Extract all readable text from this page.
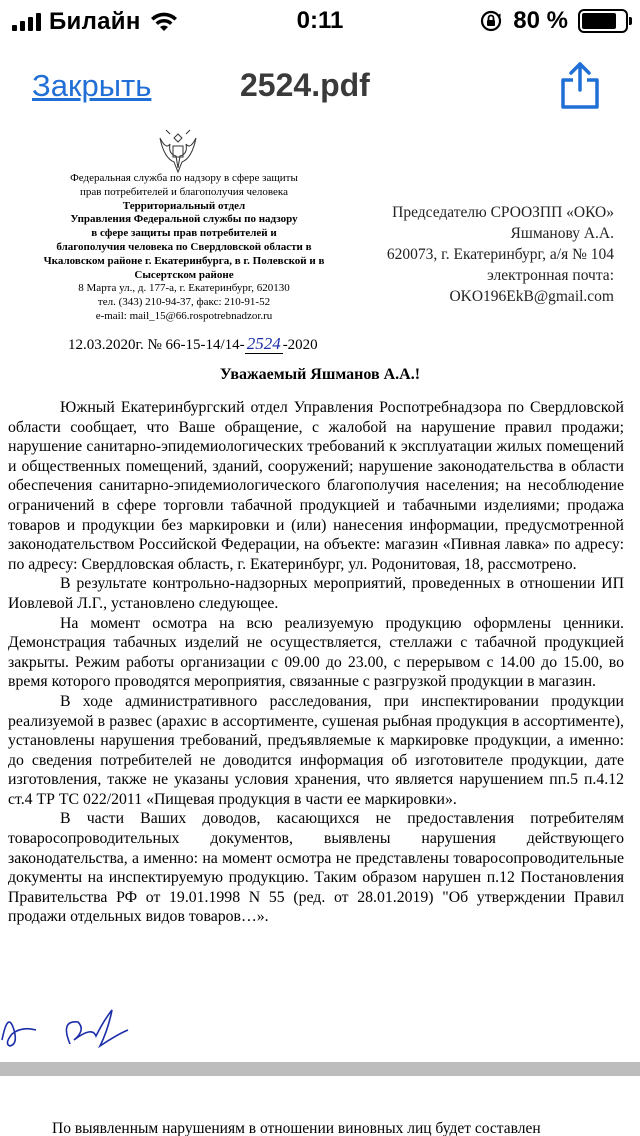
Билайн	0:11	80 %
Закрыть	2524.pdf
Федеральная служба по надзору в сфере защиты
прав потребителей и благополучия человека
Территориальный отдел
Управления Федеральной службы по надзору
в сфере защиты прав потребителей и
благополучия человека по Свердловской области в
Чкаловском районе г. Екатеринбурга, в г. Полевской и в
Сысертском районе
8 Марта ул., д. 177-а, г. Екатеринбург, 620130
тел. (343) 210-94-37, факс: 210-91-52
e-mail: mail_15@66.rospotrebnadzor.ru
Председателю СРООЗПП «ОКО»
Яшманову А.А.
620073, г. Екатеринбург, а/я № 104
электронная почта:
OKO196EkB@gmail.com
12.03.2020г. № 66-15-14/14- 2524 -2020
Уважаемый Яшманов А.А.!

Южный Екатеринбургский отдел Управления Роспотребнадзора по Свердловской области сообщает, что Ваше обращение, с жалобой на нарушение правил продажи; нарушение санитарно-эпидемиологических требований к эксплуатации жилых помещений и общественных помещений, зданий, сооружений; нарушение законодательства в области обеспечения санитарно-эпидемиологического благополучия населения; на несоблюдение ограничений в сфере торговли табачной продукцией и табачными изделиями; продажа товаров и продукции без маркировки и (или) нанесения информации, предусмотренной законодательством Российской Федерации, на объекте: магазин «Пивная лавка» по адресу: по адресу: Свердловская область, г. Екатеринбург, ул. Родонитовая, 18, рассмотрено.

В результате контрольно-надзорных мероприятий, проведенных в отношении ИП Иовлевой Л.Г., установлено следующее.

На момент осмотра на всю реализуемую продукцию оформлены ценники. Демонстрация табачных изделий не осуществляется, стеллажи с табачной продукцией закрыты. Режим работы организации с 09.00 до 23.00, с перерывом с 14.00 до 15.00, во время которого проводятся мероприятия, связанные с разгрузкой продукции в магазин.

В ходе административного расследования, при инспектировании продукции реализуемой в развес (арахис в ассортименте, сушеная рыбная продукция в ассортименте), установлены нарушения требований, предъявляемые к маркировке продукции, а именно: до сведения потребителей не доводится информация об изготовителе продукции, дате изготовления, также не указаны условия хранения, что является нарушением пп.5 п.4.12 ст.4 ТР ТС 022/2011 «Пищевая продукция в части ее маркировки».

В части Ваших доводов, касающихся не предоставления потребителям товаросопроводительных документов, выявлены нарушения действующего законодательства, а именно: на момент осмотра не представлены товаросопроводительные документы на инспектируемую продукцию. Таким образом нарушен п.12 Постановления Правительства РФ от 19.01.1998 N 55 (ред. от 28.01.2019) "Об утверждении Правил продажи отдельных видов товаров…».

По выявленным нарушениям в отношении виновных лиц будет составлен
